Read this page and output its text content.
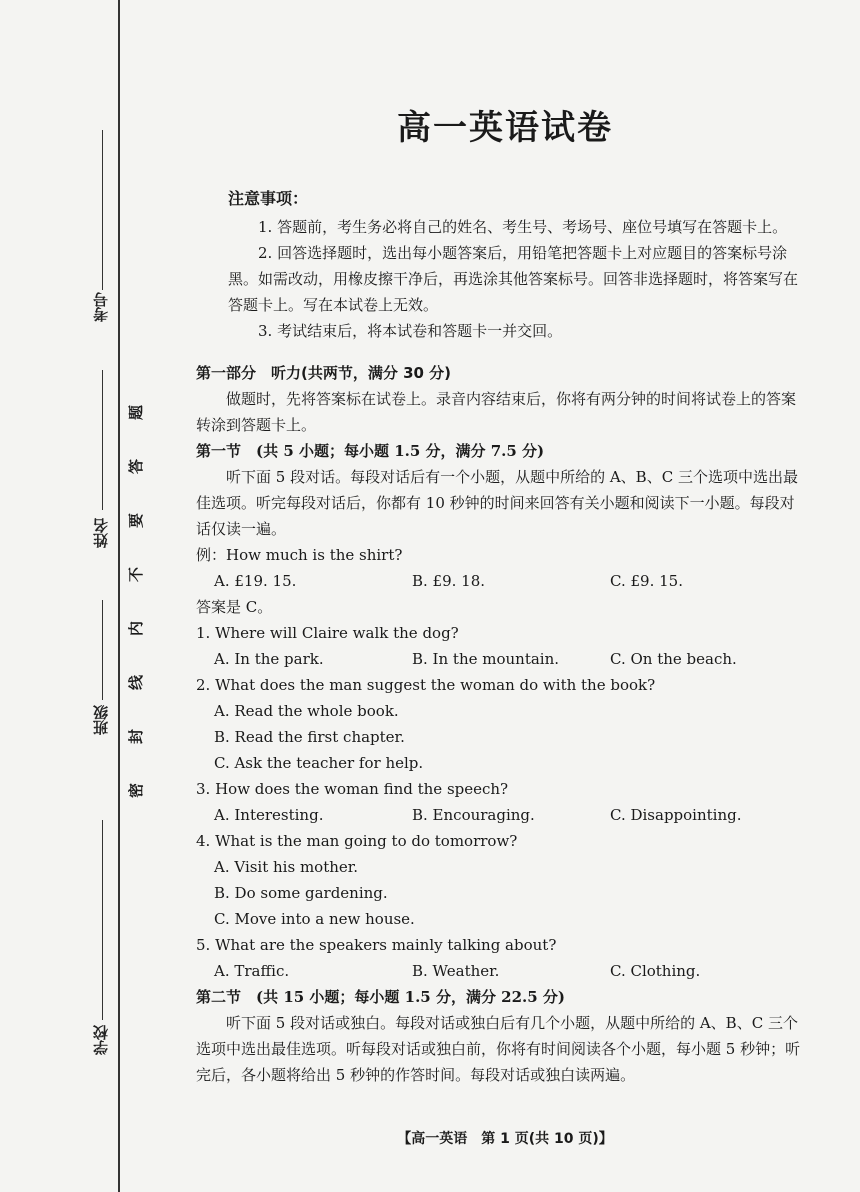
考号
姓名
班级
学校
题
答
要
不
内
线
封
密
高一英语试卷
注意事项：
1. 答题前，考生务必将自己的姓名、考生号、考场号、座位号填写在答题卡上。
2. 回答选择题时，选出每小题答案后，用铅笔把答题卡上对应题目的答案标号涂黑。如需改动，用橡皮擦干净后，再选涂其他答案标号。回答非选择题时，将答案写在答题卡上。写在本试卷上无效。
3. 考试结束后，将本试卷和答题卡一并交回。
第一部分　听力(共两节，满分 30 分)
做题时，先将答案标在试卷上。录音内容结束后，你将有两分钟的时间将试卷上的答案转涂到答题卡上。
第一节　(共 5 小题；每小题 1.5 分，满分 7.5 分)
听下面 5 段对话。每段对话后有一个小题，从题中所给的 A、B、C 三个选项中选出最佳选项。听完每段对话后，你都有 10 秒钟的时间来回答有关小题和阅读下一小题。每段对话仅读一遍。
例：How much is the shirt?
A. £19. 15.	B. £9. 18.	C. £9. 15.
答案是 C。
1. Where will Claire walk the dog?
A. In the park.	B. In the mountain.	C. On the beach.
2. What does the man suggest the woman do with the book?
A. Read the whole book.
B. Read the first chapter.
C. Ask the teacher for help.
3. How does the woman find the speech?
A. Interesting.	B. Encouraging.	C. Disappointing.
4. What is the man going to do tomorrow?
A. Visit his mother.
B. Do some gardening.
C. Move into a new house.
5. What are the speakers mainly talking about?
A. Traffic.	B. Weather.	C. Clothing.
第二节　(共 15 小题；每小题 1.5 分，满分 22.5 分)
听下面 5 段对话或独白。每段对话或独白后有几个小题，从题中所给的 A、B、C 三个选项中选出最佳选项。听每段对话或独白前，你将有时间阅读各个小题，每小题 5 秒钟；听完后，各小题将给出 5 秒钟的作答时间。每段对话或独白读两遍。
【高一英语　第 1 页(共 10 页)】
